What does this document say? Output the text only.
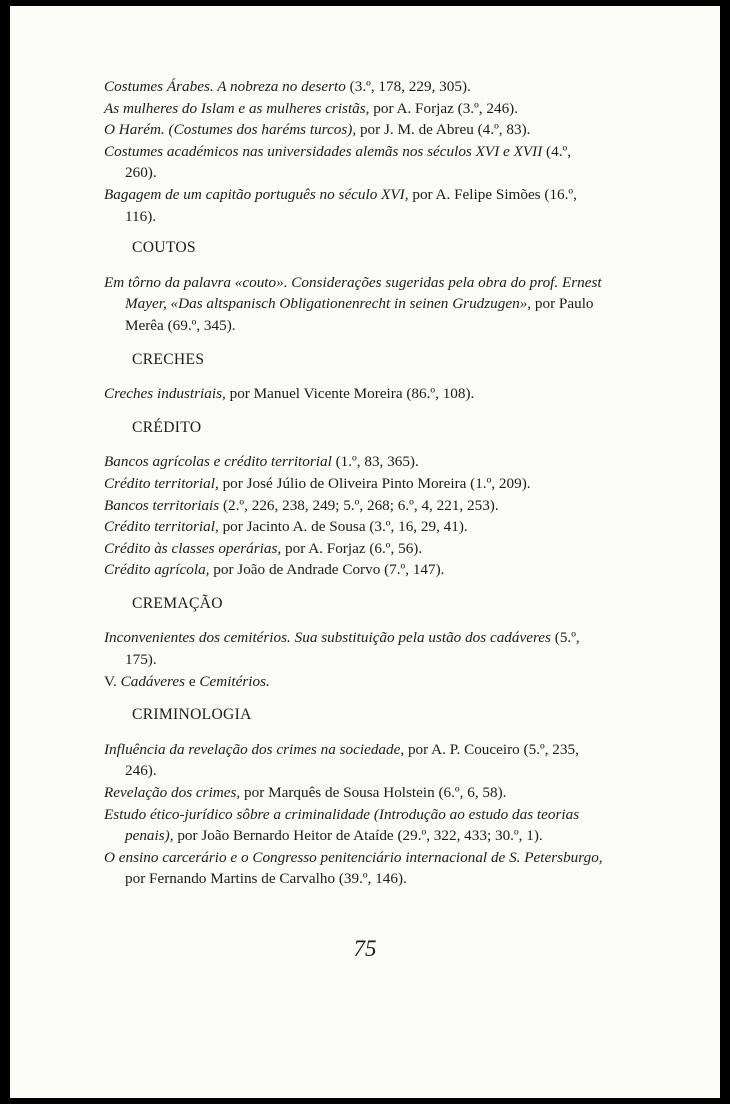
Costumes Árabes. A nobreza no deserto (3.º, 178, 229, 305).

As mulheres do Islam e as mulheres cristãs, por A. Forjaz (3.º, 246).

O Harém. (Costumes dos haréms turcos), por J. M. de Abreu (4.º, 83).

Costumes académicos nas universidades alemãs nos séculos XVI e XVII (4.º, 260).

Bagagem de um capitão português no século XVI, por A. Felipe Simões (16.º, 116).

COUTOS

Em tôrno da palavra «couto». Considerações sugeridas pela obra do prof. Ernest Mayer, «Das altspanisch Obligationenrecht in seinen Grudzugen», por Paulo Merêa (69.º, 345).

CRECHES

Creches industriais, por Manuel Vicente Moreira (86.º, 108).

CRÉDITO

Bancos agrícolas e crédito territorial (1.º, 83, 365).

Crédito territorial, por José Júlio de Oliveira Pinto Moreira (1.º, 209).

Bancos territoriais (2.º, 226, 238, 249; 5.º, 268; 6.º, 4, 221, 253).

Crédito territorial, por Jacinto A. de Sousa (3.º, 16, 29, 41).

Crédito às classes operárias, por A. Forjaz (6.º, 56).

Crédito agrícola, por João de Andrade Corvo (7.º, 147).

CREMAÇÃO

Inconvenientes dos cemitérios. Sua substituição pela ustão dos cadáveres (5.º, 175).

V. Cadáveres e Cemitérios.

CRIMINOLOGIA

Influência da revelação dos crimes na sociedade, por A. P. Couceiro (5.º, 235, 246).

Revelação dos crimes, por Marquês de Sousa Holstein (6.º, 6, 58).

Estudo ético-jurídico sôbre a criminalidade (Introdução ao estudo das teorias penais), por João Bernardo Heitor de Ataíde (29.º, 322, 433; 30.º, 1).

O ensino carcerário e o Congresso penitenciário internacional de S. Petersburgo, por Fernando Martins de Carvalho (39.º, 146).

75
